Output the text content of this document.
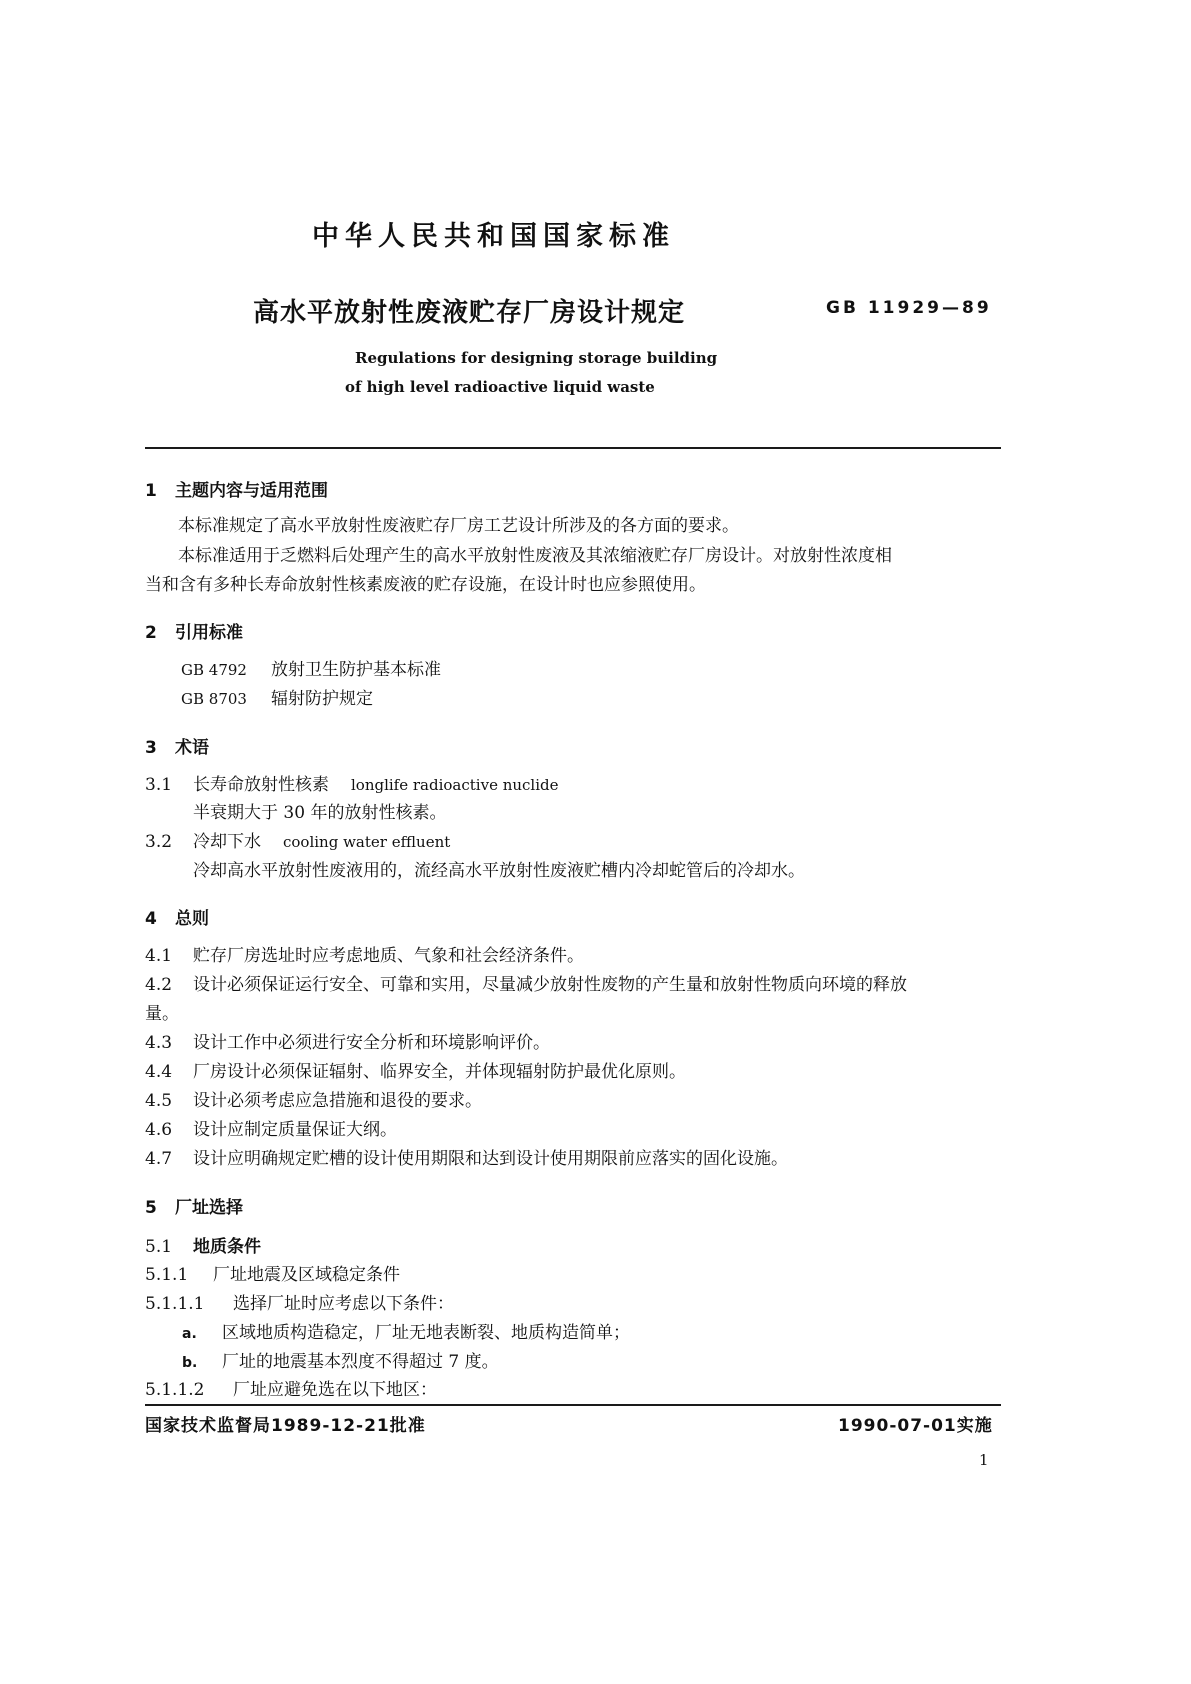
中华人民共和国国家标准
高水平放射性废液贮存厂房设计规定	GB 11929—89
Regulations for designing storage building
of high level radioactive liquid waste
1 主题内容与适用范围
本标准规定了高水平放射性废液贮存厂房工艺设计所涉及的各方面的要求。
本标准适用于乏燃料后处理产生的高水平放射性废液及其浓缩液贮存厂房设计。对放射性浓度相
当和含有多种长寿命放射性核素废液的贮存设施，在设计时也应参照使用。
2 引用标准
GB 4792 放射卫生防护基本标准
GB 8703 辐射防护规定
3 术语
3.1 长寿命放射性核素 longlife radioactive nuclide
半衰期大于 30 年的放射性核素。
3.2 冷却下水 cooling water effluent
冷却高水平放射性废液用的，流经高水平放射性废液贮槽内冷却蛇管后的冷却水。
4 总则
4.1 贮存厂房选址时应考虑地质、气象和社会经济条件。
4.2 设计必须保证运行安全、可靠和实用，尽量减少放射性废物的产生量和放射性物质向环境的释放
量。
4.3 设计工作中必须进行安全分析和环境影响评价。
4.4 厂房设计必须保证辐射、临界安全，并体现辐射防护最优化原则。
4.5 设计必须考虑应急措施和退役的要求。
4.6 设计应制定质量保证大纲。
4.7 设计应明确规定贮槽的设计使用期限和达到设计使用期限前应落实的固化设施。
5 厂址选择
5.1 地质条件
5.1.1 厂址地震及区域稳定条件
5.1.1.1 选择厂址时应考虑以下条件：
a. 区域地质构造稳定，厂址无地表断裂、地质构造简单；
b. 厂址的地震基本烈度不得超过 7 度。
5.1.1.2 厂址应避免选在以下地区：
国家技术监督局1989-12-21批准	1990-07-01实施
1
